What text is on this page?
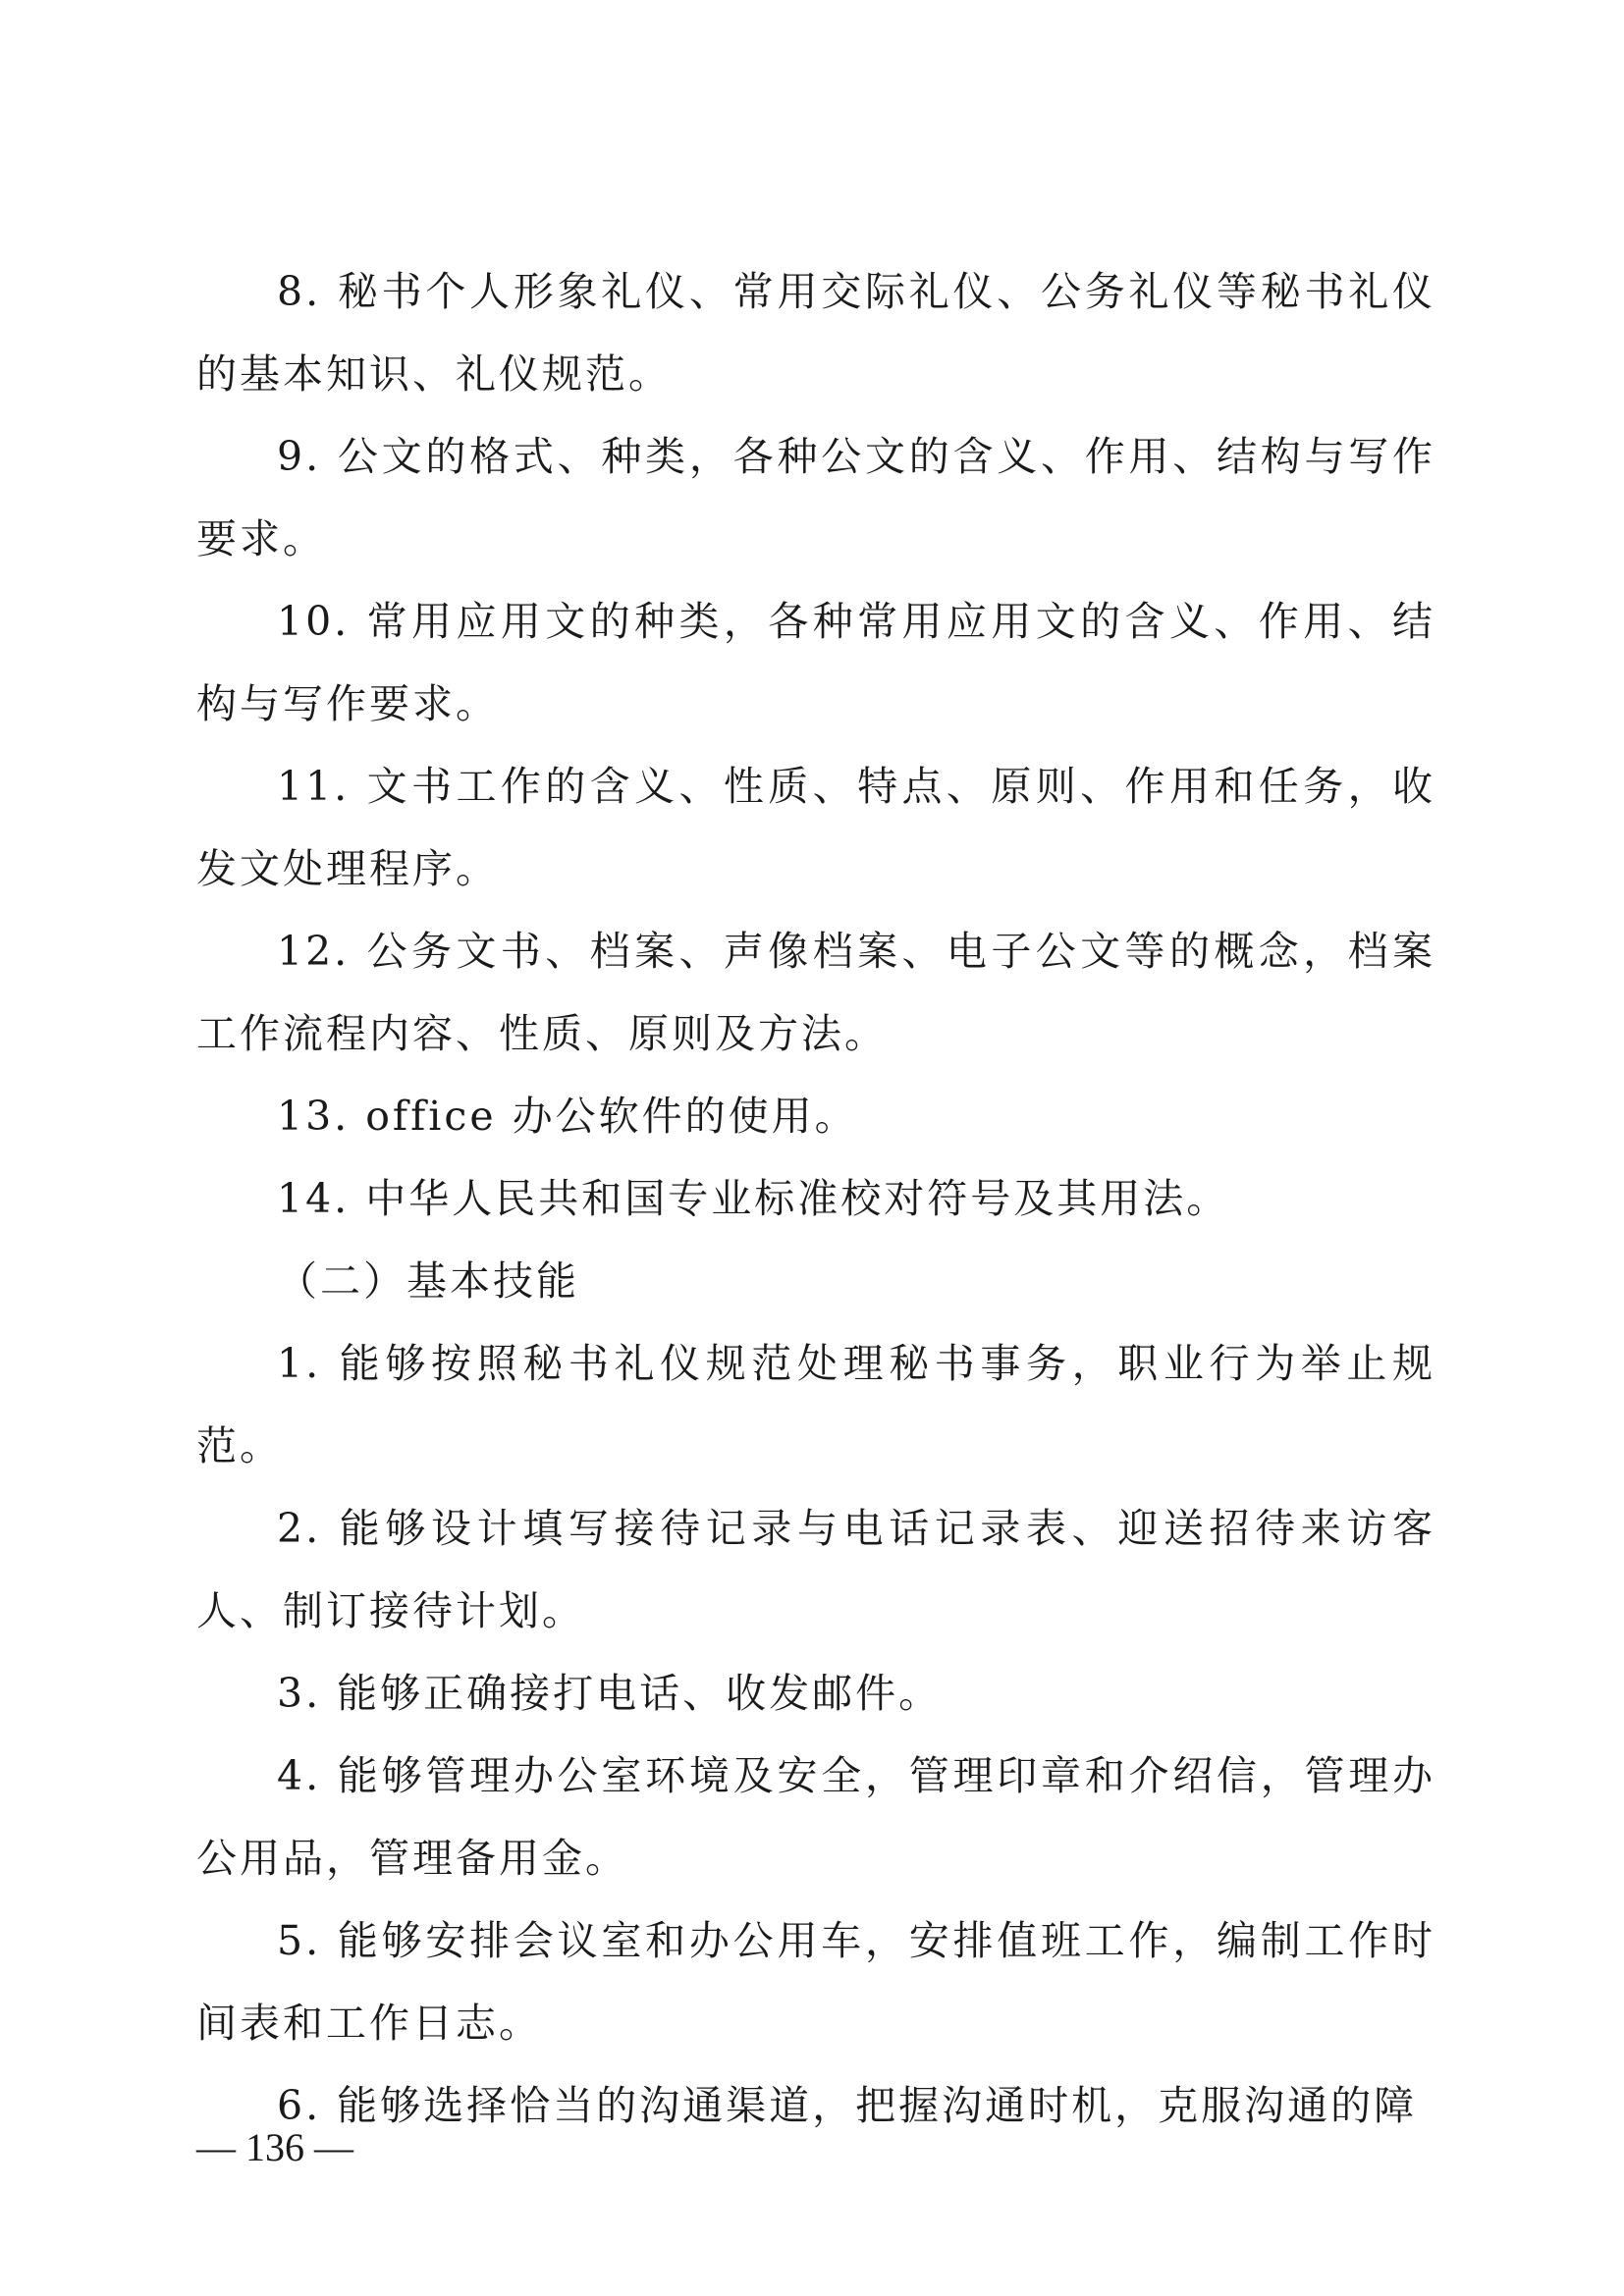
8. 秘书个人形象礼仪、常用交际礼仪、公务礼仪等秘书礼仪的基本知识、礼仪规范。

9. 公文的格式、种类，各种公文的含义、作用、结构与写作要求。

10. 常用应用文的种类，各种常用应用文的含义、作用、结构与写作要求。

11. 文书工作的含义、性质、特点、原则、作用和任务，收发文处理程序。

12. 公务文书、档案、声像档案、电子公文等的概念，档案工作流程内容、性质、原则及方法。

13. office 办公软件的使用。

14. 中华人民共和国专业标准校对符号及其用法。

（二）基本技能

1. 能够按照秘书礼仪规范处理秘书事务，职业行为举止规范。

2. 能够设计填写接待记录与电话记录表、迎送招待来访客人、制订接待计划。

3. 能够正确接打电话、收发邮件。

4. 能够管理办公室环境及安全，管理印章和介绍信，管理办公用品，管理备用金。

5. 能够安排会议室和办公用车，安排值班工作，编制工作时间表和工作日志。

6. 能够选择恰当的沟通渠道，把握沟通时机，克服沟通的障

— 136 —
